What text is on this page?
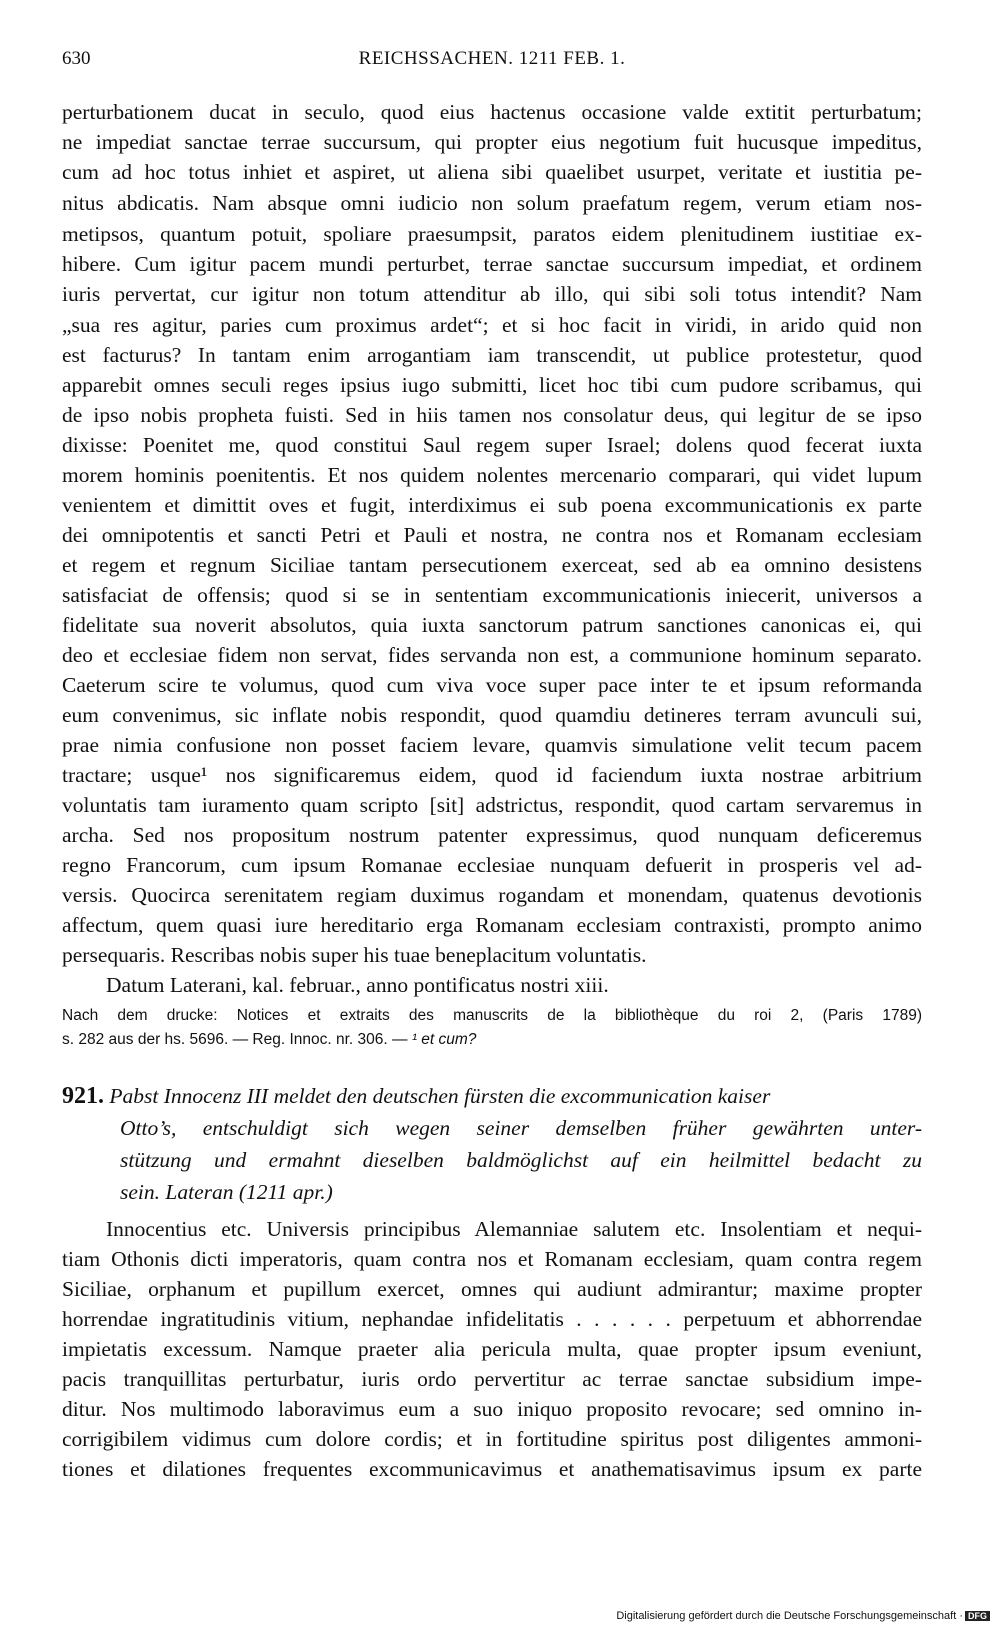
630	REICHSSACHEN. 1211 FEB. 1.
perturbationem ducat in seculo, quod eius hactenus occasione valde extitit perturbatum;
ne impediat sanctae terrae succursum, qui propter eius negotium fuit hucusque impeditus,
cum ad hoc totus inhiet et aspiret, ut aliena sibi quaelibet usurpet, veritate et iustitia pe-
nitus abdicatis. Nam absque omni iudicio non solum praefatum regem, verum etiam nos-
metipsos, quantum potuit, spoliare praesumpsit, paratos eidem plenitudinem iustitiae ex-
hibere. Cum igitur pacem mundi perturbet, terrae sanctae succursum impediat, et ordinem
iuris pervertat, cur igitur non totum attenditur ab illo, qui sibi soli totus intendit? Nam
„sua res agitur, paries cum proximus ardet“; et si hoc facit in viridi, in arido quid non
est facturus? In tantam enim arrogantiam iam transcendit, ut publice protestetur, quod
apparebit omnes seculi reges ipsius iugo submitti, licet hoc tibi cum pudore scribamus, qui
de ipso nobis propheta fuisti. Sed in hiis tamen nos consolatur deus, qui legitur de se ipso
dixisse: Poenitet me, quod constitui Saul regem super Israel; dolens quod fecerat iuxta
morem hominis poenitentis. Et nos quidem nolentes mercenario comparari, qui videt lupum
venientem et dimittit oves et fugit, interdiximus ei sub poena excommunicationis ex parte
dei omnipotentis et sancti Petri et Pauli et nostra, ne contra nos et Romanam ecclesiam
et regem et regnum Siciliae tantam persecutionem exerceat, sed ab ea omnino desistens
satisfaciat de offensis; quod si se in sententiam excommunicationis iniecerit, universos a
fidelitate sua noverit absolutos, quia iuxta sanctorum patrum sanctiones canonicas ei, qui
deo et ecclesiae fidem non servat, fides servanda non est, a communione hominum separato.
Caeterum scire te volumus, quod cum viva voce super pace inter te et ipsum reformanda
eum convenimus, sic inflate nobis respondit, quod quamdiu detineres terram avunculi sui,
prae nimia confusione non posset faciem levare, quamvis simulatione velit tecum pacem
tractare; usque¹ nos significaremus eidem, quod id faciendum iuxta nostrae arbitrium
voluntatis tam iuramento quam scripto [sit] adstrictus, respondit, quod cartam servaremus in
archa. Sed nos propositum nostrum patenter expressimus, quod nunquam deficeremus
regno Francorum, cum ipsum Romanae ecclesiae nunquam defuerit in prosperis vel ad-
versis. Quocirca serenitatem regiam duximus rogandam et monendam, quatenus devotionis
affectum, quem quasi iure hereditario erga Romanam ecclesiam contraxisti, prompto animo
persequaris. Rescribas nobis super his tuae beneplacitum voluntatis.
Datum Laterani, kal. februar., anno pontificatus nostri xiii.
Nach dem drucke: Notices et extraits des manuscrits de la bibliothèque du roi 2, (Paris 1789)
s. 282 aus der hs. 5696. — Reg. Innoc. nr. 306. — ¹ et cum?
921. Pabst Innocenz III meldet den deutschen fürsten die excommunication kaiser
Otto’s, entschuldigt sich wegen seiner demselben früher gewährten unter-
stützung und ermahnt dieselben baldmöglichst auf ein heilmittel bedacht zu
sein. Lateran (1211 apr.)
Innocentius etc. Universis principibus Alemanniae salutem etc. Insolentiam et nequi-
tiam Othonis dicti imperatoris, quam contra nos et Romanam ecclesiam, quam contra regem
Siciliae, orphanum et pupillum exercet, omnes qui audiunt admirantur; maxime propter
horrendae ingratitudinis vitium, nephandae infidelitatis . . . . . . perpetuum et abhorrendae
impietatis excessum. Namque praeter alia pericula multa, quae propter ipsum eveniunt,
pacis tranquillitas perturbatur, iuris ordo pervertitur ac terrae sanctae subsidium impe-
ditur. Nos multimodo laboravimus eum a suo iniquo proposito revocare; sed omnino in-
corrigibilem vidimus cum dolore cordis; et in fortitudine spiritus post diligentes ammoni-
tiones et dilationes frequentes excommunicavimus et anathematisavimus ipsum ex parte
Digitalisierung gefördert durch die Deutsche Forschungsgemeinschaft · DFG
